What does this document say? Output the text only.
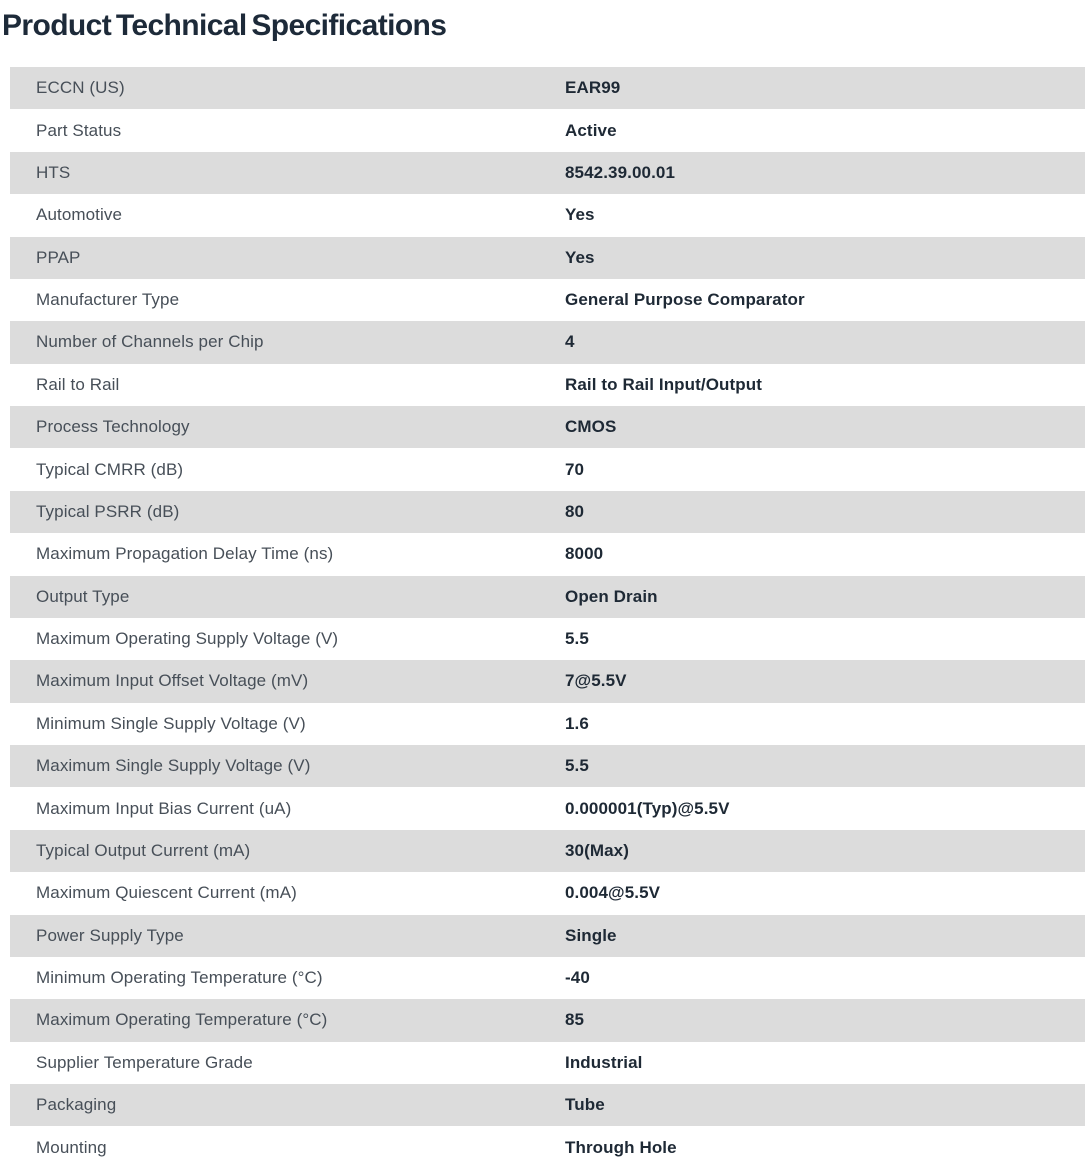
Product Technical Specifications
ECCN (US)	EAR99
Part Status	Active
HTS	8542.39.00.01
Automotive	Yes
PPAP	Yes
Manufacturer Type	General Purpose Comparator
Number of Channels per Chip	4
Rail to Rail	Rail to Rail Input/Output
Process Technology	CMOS
Typical CMRR (dB)	70
Typical PSRR (dB)	80
Maximum Propagation Delay Time (ns)	8000
Output Type	Open Drain
Maximum Operating Supply Voltage (V)	5.5
Maximum Input Offset Voltage (mV)	7@5.5V
Minimum Single Supply Voltage (V)	1.6
Maximum Single Supply Voltage (V)	5.5
Maximum Input Bias Current (uA)	0.000001(Typ)@5.5V
Typical Output Current (mA)	30(Max)
Maximum Quiescent Current (mA)	0.004@5.5V
Power Supply Type	Single
Minimum Operating Temperature (°C)	-40
Maximum Operating Temperature (°C)	85
Supplier Temperature Grade	Industrial
Packaging	Tube
Mounting	Through Hole
